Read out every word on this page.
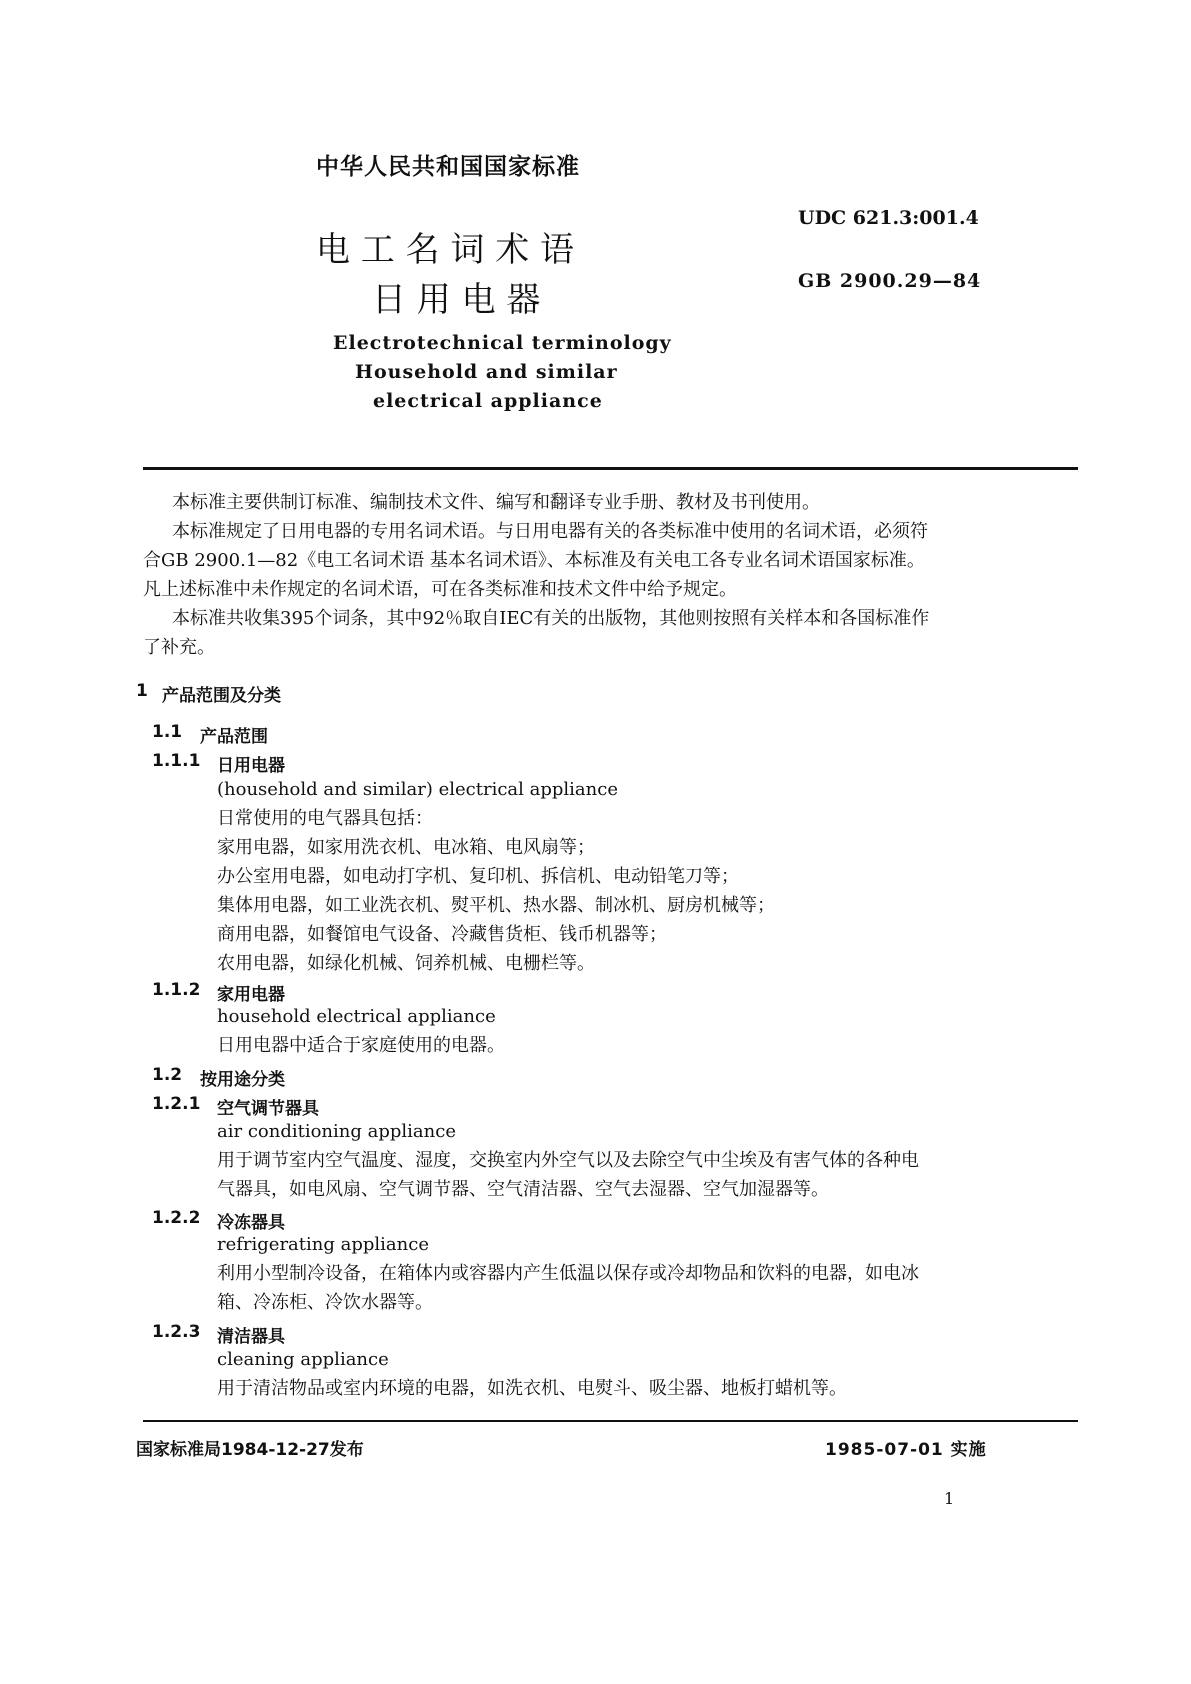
中华人民共和国国家标准
电 工 名 词 术 语
日 用 电 器
Electrotechnical terminology
Household and similar
electrical appliance
UDC 621.3:001.4
GB 2900.29—84
本标准主要供制订标准、编制技术文件、编写和翻译专业手册、教材及书刊使用。
本标准规定了日用电器的专用名词术语。与日用电器有关的各类标准中使用的名词术语，必须符
合GB 2900.1—82《电工名词术语 基本名词术语》、本标准及有关电工各专业名词术语国家标准。
凡上述标准中未作规定的名词术语，可在各类标准和技术文件中给予规定。
本标准共收集395个词条，其中92％取自IEC有关的出版物，其他则按照有关样本和各国标准作
了补充。
1 产品范围及分类
1.1 产品范围
1.1.1 日用电器
(household and similar) electrical appliance
日常使用的电气器具包括：
家用电器，如家用洗衣机、电冰箱、电风扇等；
办公室用电器，如电动打字机、复印机、拆信机、电动铅笔刀等；
集体用电器，如工业洗衣机、熨平机、热水器、制冰机、厨房机械等；
商用电器，如餐馆电气设备、冷藏售货柜、钱币机器等；
农用电器，如绿化机械、饲养机械、电栅栏等。
1.1.2 家用电器
household electrical appliance
日用电器中适合于家庭使用的电器。
1.2 按用途分类
1.2.1 空气调节器具
air conditioning appliance
用于调节室内空气温度、湿度，交换室内外空气以及去除空气中尘埃及有害气体的各种电
气器具，如电风扇、空气调节器、空气清洁器、空气去湿器、空气加湿器等。
1.2.2 冷冻器具
refrigerating appliance
利用小型制冷设备，在箱体内或容器内产生低温以保存或冷却物品和饮料的电器，如电冰
箱、冷冻柜、冷饮水器等。
1.2.3 清洁器具
cleaning appliance
用于清洁物品或室内环境的电器，如洗衣机、电熨斗、吸尘器、地板打蜡机等。
国家标准局1984-12-27发布	1985-07-01 实施
1
